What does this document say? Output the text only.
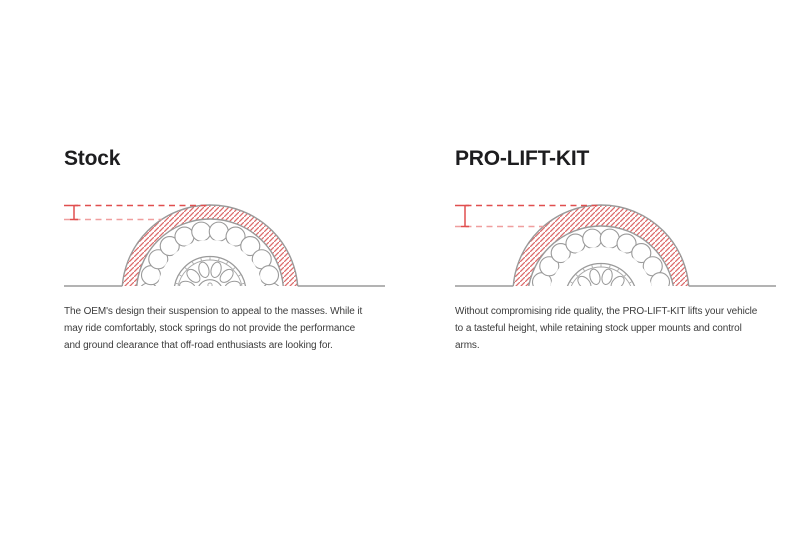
Stock
The OEM's design their suspension to appeal to the masses. While it
may ride comfortably, stock springs do not provide the performance
and ground clearance that off-road enthusiasts are looking for.
PRO-LIFT-KIT
Without compromising ride quality, the PRO-LIFT-KIT lifts your vehicle
to a tasteful height, while retaining stock upper mounts and control
arms.
